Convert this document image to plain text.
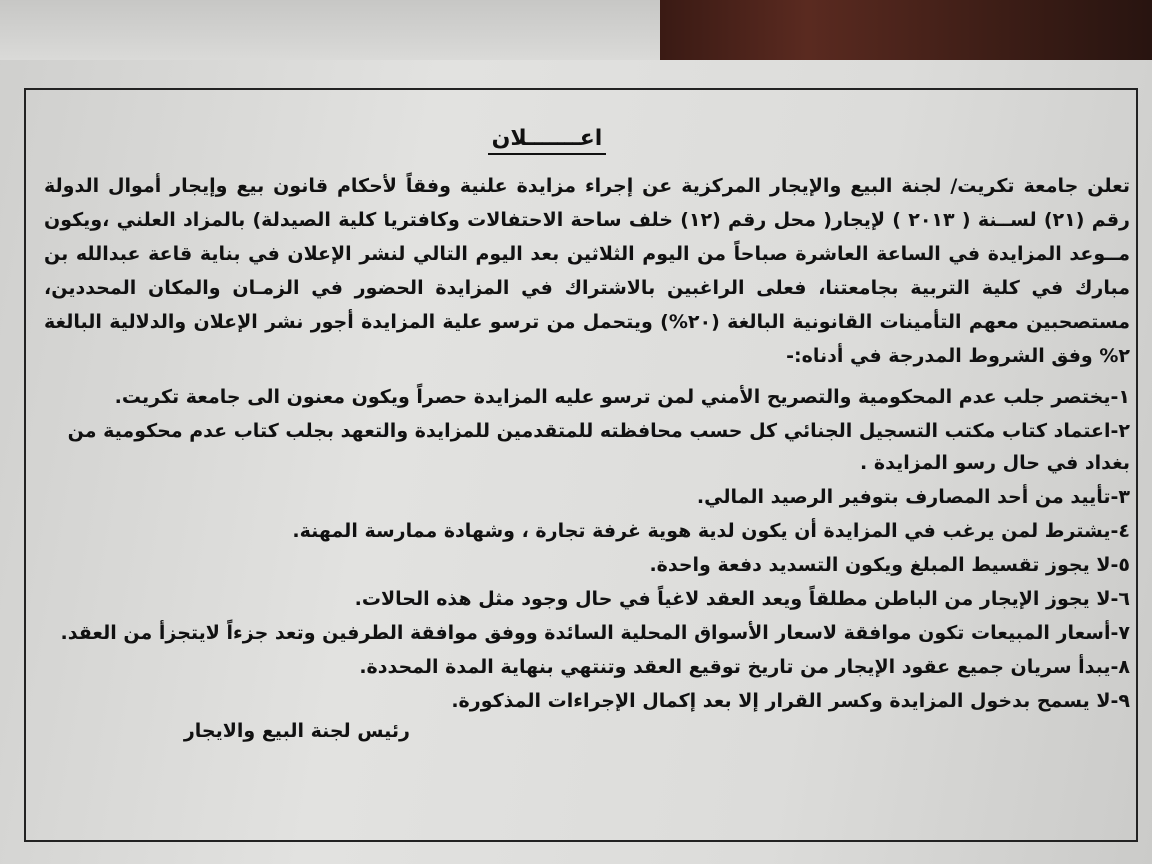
اعـــــــلان

تعلن جامعة تكريت/ لجنة البيع والإيجار المركزية عن إجراء مزايدة علنية وفقاً لأحكام قانون بيع وإيجار أموال الدولة رقم (٢١) لســنة ( ٢٠١٣ ) لإيجار( محل رقم (١٢) خلف ساحة الاحتفالات وكافتريا كلية الصيدلة) بالمزاد العلني ،ويكون مــوعد المزايدة في الساعة العاشرة صباحاً من اليوم الثلاثين بعد اليوم التالي لنشر الإعلان في بناية قاعة عبدالله بن مبارك في كلية التربية بجامعتنا، فعلى الراغبين بالاشتراك في المزايدة الحضور في الزمـان والمكان المحددين، مستصحبين معهم التأمينات القانونية البالغة (٢٠%) ويتحمل من ترسو علية المزايدة أجور نشر الإعلان والدلالية البالغة ٢% وفق الشروط المدرجة في أدناه:-

١-يختصر جلب عدم المحكومية والتصريح الأمني لمن ترسو عليه المزايدة حصراً ويكون معنون الى جامعة تكريت.

٢-اعتماد كتاب مكتب التسجيل الجنائي كل حسب محافظته للمتقدمين للمزايدة والتعهد بجلب كتاب عدم محكومية من بغداد في حال رسو المزايدة .

٣-تأييد من أحد المصارف بتوفير الرصيد المالي.

٤-يشترط لمن يرغب في المزايدة أن يكون لدية هوية غرفة تجارة ، وشهادة ممارسة المهنة.

٥-لا يجوز تقسيط المبلغ ويكون التسديد دفعة واحدة.

٦-لا يجوز الإيجار من الباطن مطلقاً ويعد العقد لاغياً في حال وجود مثل هذه الحالات.

٧-أسعار المبيعات تكون موافقة لاسعار الأسواق المحلية السائدة ووفق موافقة الطرفين وتعد جزءاً لايتجزأ من العقد.

٨-يبدأ سريان جميع عقود الإيجار من تاريخ توقيع العقد وتنتهي بنهاية المدة المحددة.

٩-لا يسمح بدخول المزايدة وكسر القرار إلا بعد إكمال الإجراءات المذكورة.

رئيس لجنة البيع والايجار
